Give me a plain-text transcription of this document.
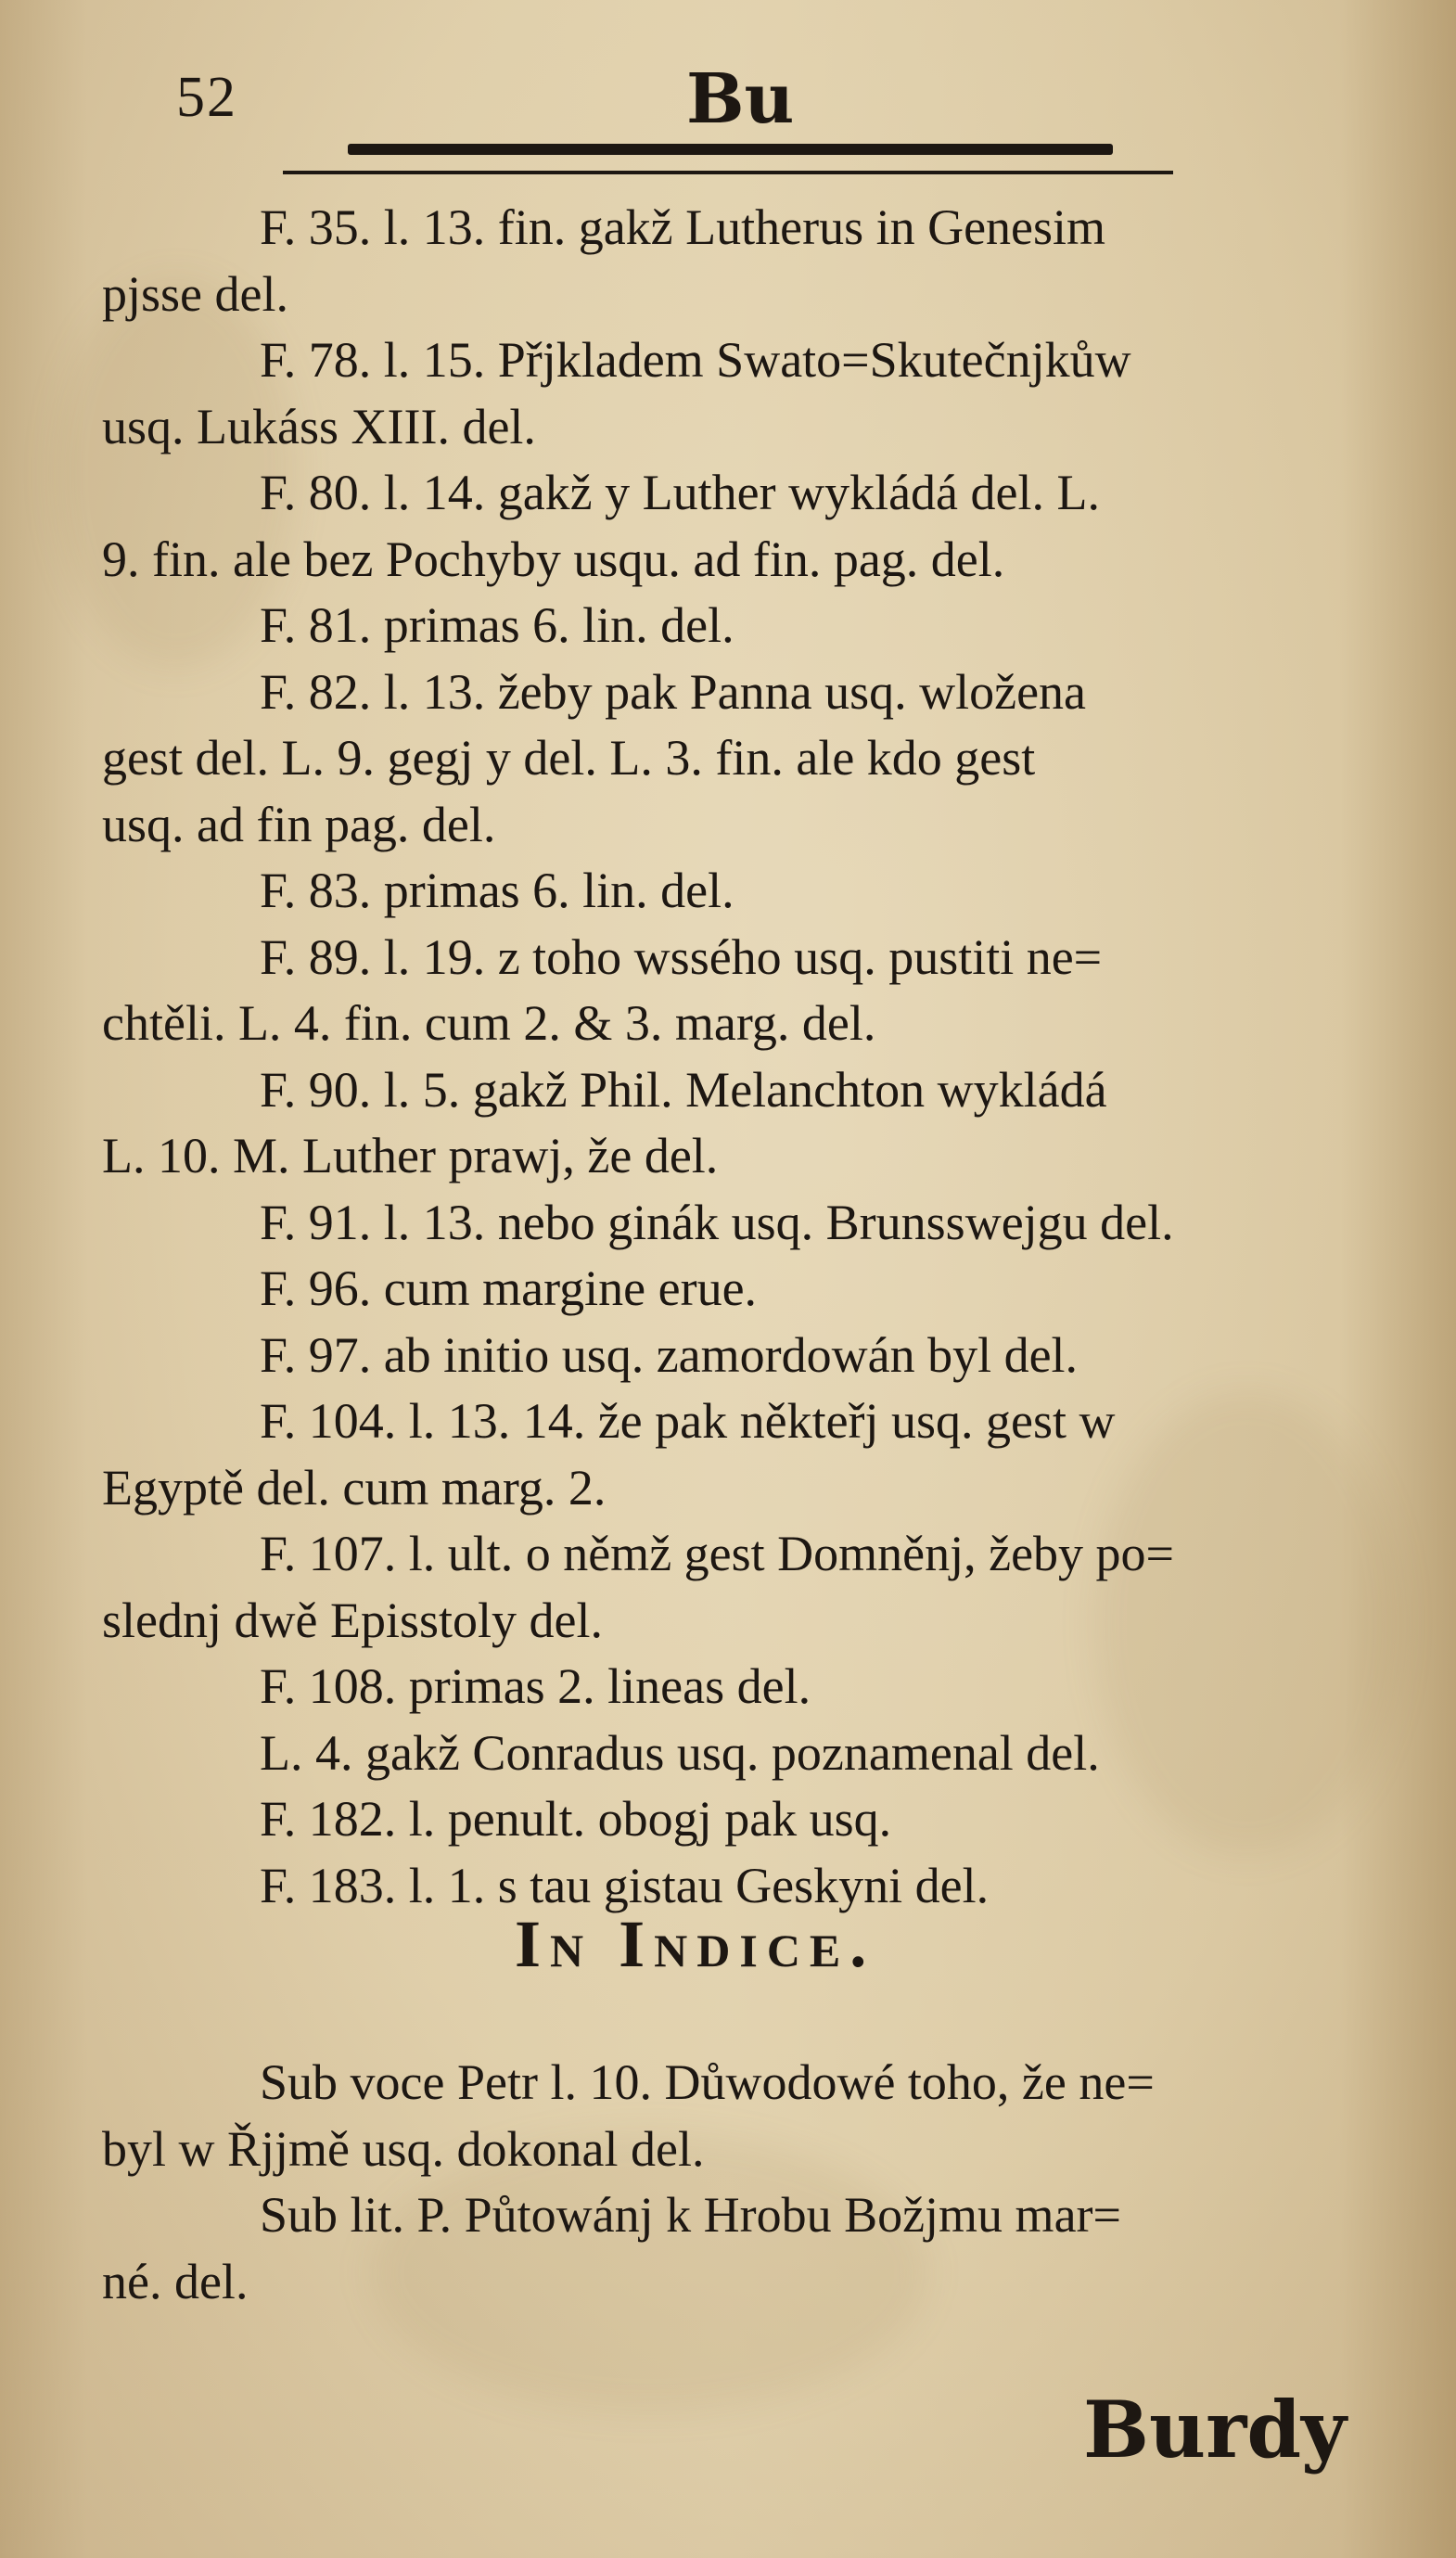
52	Bu
F. 35. l. 13. fin. gakž Lutherus in Genesim
pjsse del.
F. 78. l. 15. Přjkladem Swato=Skutečnjkůw
usq. Lukáss XIII. del.
F. 80. l. 14. gakž y Luther wykládá del. L.
9. fin. ale bez Pochyby usqu. ad fin. pag. del.
F. 81. primas 6. lin. del.
F. 82. l. 13. žeby pak Panna usq. wložena
gest del. L. 9. gegj y del. L. 3. fin. ale kdo gest
usq. ad fin pag. del.
F. 83. primas 6. lin. del.
F. 89. l. 19. z toho wssého usq. pustiti ne=
chtěli. L. 4. fin. cum 2. & 3. marg. del.
F. 90. l. 5. gakž Phil. Melanchton wykládá
L. 10. M. Luther prawj, že del.
F. 91. l. 13. nebo ginák usq. Brunsswejgu del.
F. 96. cum margine erue.
F. 97. ab initio usq. zamordowán byl del.
F. 104. l. 13. 14. že pak někteřj usq. gest w
Egyptě del. cum marg. 2.
F. 107. l. ult. o němž gest Domněnj, žeby po=
slednj dwě Episstoly del.
F. 108. primas 2. lineas del.
L. 4. gakž Conradus usq. poznamenal del.
F. 182. l. penult. obogj pak usq.
F. 183. l. 1. s tau gistau Geskyni del.
In Indice.
Sub voce Petr l. 10. Důwodowé toho, že ne=
byl w Řjjmě usq. dokonal del.
Sub lit. P. Půtowánj k Hrobu Božjmu mar=
né. del.
Burdy
